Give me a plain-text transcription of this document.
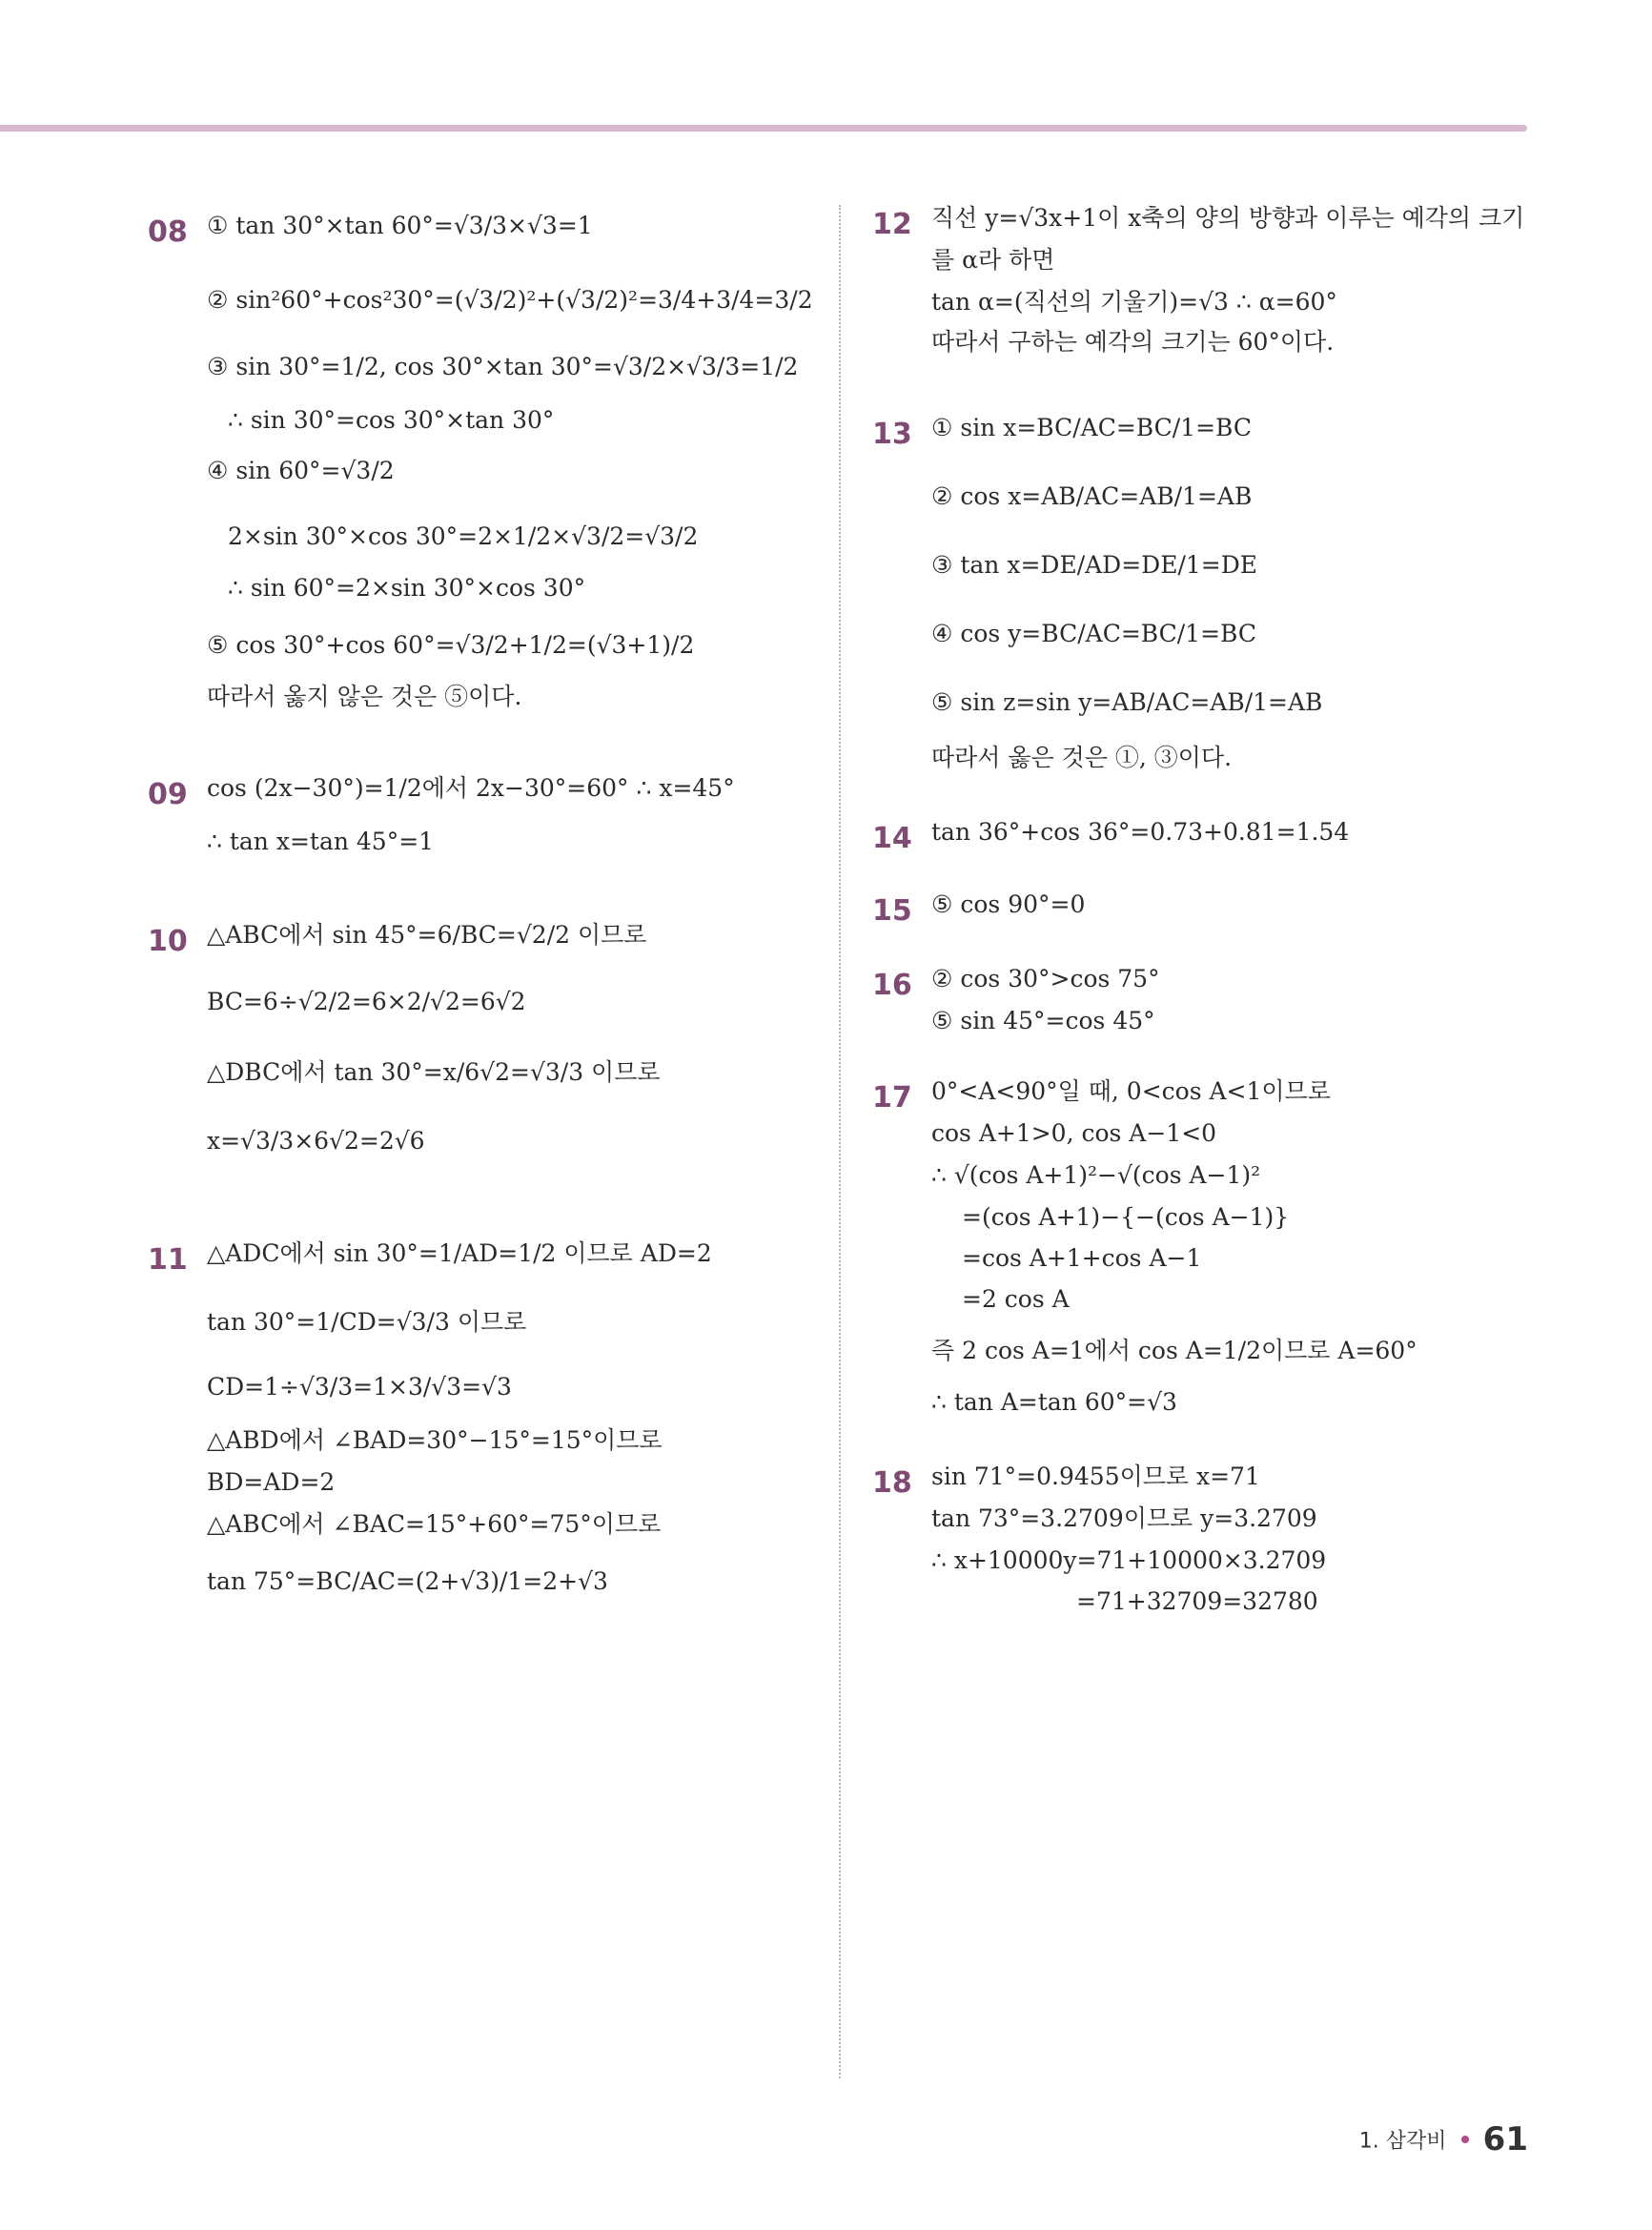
08 ① tan 30°×tan 60°=√3/3×√3=1
② sin²60°+cos²30°=(√3/2)²+(√3/2)²=3/4+3/4=3/2
③ sin 30°=1/2, cos 30°×tan 30°=√3/2×√3/3=1/2
∴ sin 30°=cos 30°×tan 30°
④ sin 60°=√3/2
2×sin 30°×cos 30°=2×1/2×√3/2=√3/2
∴ sin 60°=2×sin 30°×cos 30°
⑤ cos 30°+cos 60°=√3/2+1/2=(√3+1)/2
따라서 옳지 않은 것은 ⑤이다.
09 cos (2x−30°)=1/2에서 2x−30°=60° ∴ x=45°
∴ tan x=tan 45°=1
10 △ABC에서 sin 45°=6/BC=√2/2 이므로
BC=6÷√2/2=6×2/√2=6√2
△DBC에서 tan 30°=x/6√2=√3/3 이므로
x=√3/3×6√2=2√6
11 △ADC에서 sin 30°=1/AD=1/2 이므로 AD=2
tan 30°=1/CD=√3/3 이므로
CD=1÷√3/3=1×3/√3=√3
△ABD에서 ∠BAD=30°−15°=15°이므로
BD=AD=2
△ABC에서 ∠BAC=15°+60°=75°이므로
tan 75°=BC/AC=(2+√3)/1=2+√3
12 직선 y=√3x+1이 x축의 양의 방향과 이루는 예각의 크기
를 α라 하면
tan α=(직선의 기울기)=√3 ∴ α=60°
따라서 구하는 예각의 크기는 60°이다.
13 ① sin x=BC/AC=BC/1=BC
② cos x=AB/AC=AB/1=AB
③ tan x=DE/AD=DE/1=DE
④ cos y=BC/AC=BC/1=BC
⑤ sin z=sin y=AB/AC=AB/1=AB
따라서 옳은 것은 ①, ③이다.
14 tan 36°+cos 36°=0.73+0.81=1.54
15 ⑤ cos 90°=0
16 ② cos 30°>cos 75°
⑤ sin 45°=cos 45°
17 0°<A<90°일 때, 0<cos A<1이므로
cos A+1>0, cos A−1<0
∴ √(cos A+1)²−√(cos A−1)²
=(cos A+1)−{−(cos A−1)}
=cos A+1+cos A−1
=2 cos A
즉 2 cos A=1에서 cos A=1/2이므로 A=60°
∴ tan A=tan 60°=√3
18 sin 71°=0.9455이므로 x=71
tan 73°=3.2709이므로 y=3.2709
∴ x+10000y=71+10000×3.2709
=71+32709=32780
1. 삼각비 61
